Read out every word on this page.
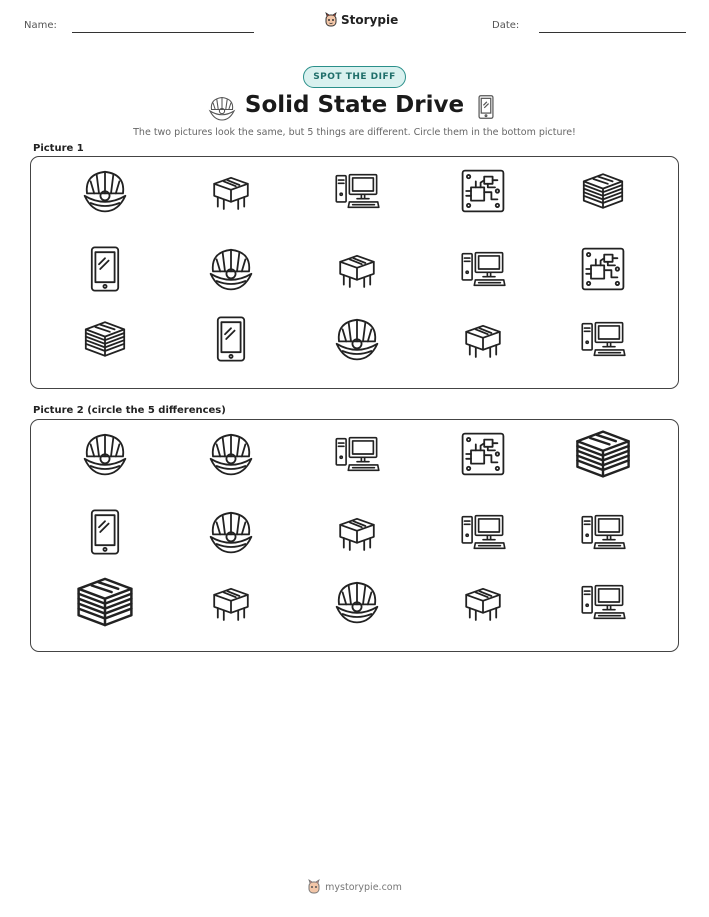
Name:	Storypie	Date:
SPOT THE DIFF
Solid State Drive
The two pictures look the same, but 5 things are different. Circle them in the bottom picture!
Picture 1
Picture 2 (circle the 5 differences)
mystorypie.com
